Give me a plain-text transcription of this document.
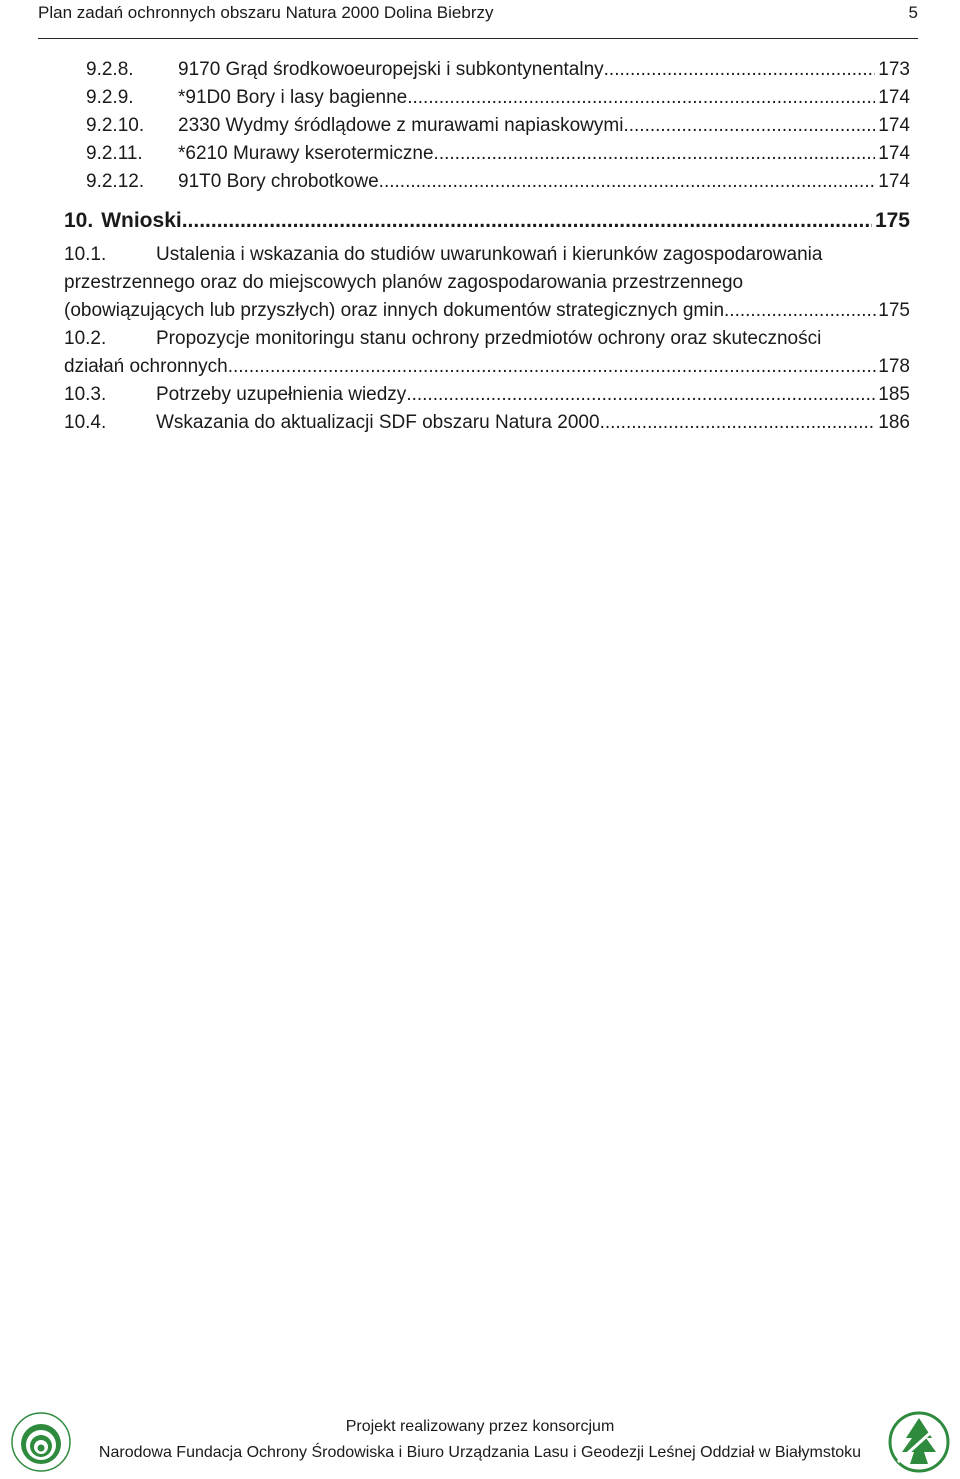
Plan zadań ochronnych obszaru Natura 2000 Dolina Biebrzy	5
9.2.8.	9170 Grąd środkowoeuropejski i subkontynentalny .....	173
9.2.9.	*91D0 Bory i lasy bagienne .....	174
9.2.10.	2330 Wydmy śródlądowe z murawami napiaskowymi .....	174
9.2.11.	*6210 Murawy kserotermiczne .....	174
9.2.12.	91T0 Bory chrobotkowe .....	174
10. Wnioski .....	175
10.1.	Ustalenia i wskazania do studiów uwarunkowań i kierunków zagospodarowania
przestrzennego oraz do miejscowych planów zagospodarowania przestrzennego
(obowiązujących lub przyszłych) oraz innych dokumentów strategicznych gmin .....	175
10.2.	Propozycje monitoringu stanu ochrony przedmiotów ochrony oraz skuteczności
działań ochronnych .....	178
10.3.	Potrzeby uzupełnienia wiedzy .....	185
10.4.	Wskazania do aktualizacji SDF obszaru Natura 2000 .....	186
Projekt realizowany przez konsorcjum
Narodowa Fundacja Ochrony Środowiska i Biuro Urządzania Lasu i Geodezji Leśnej Oddział w Białymstoku
